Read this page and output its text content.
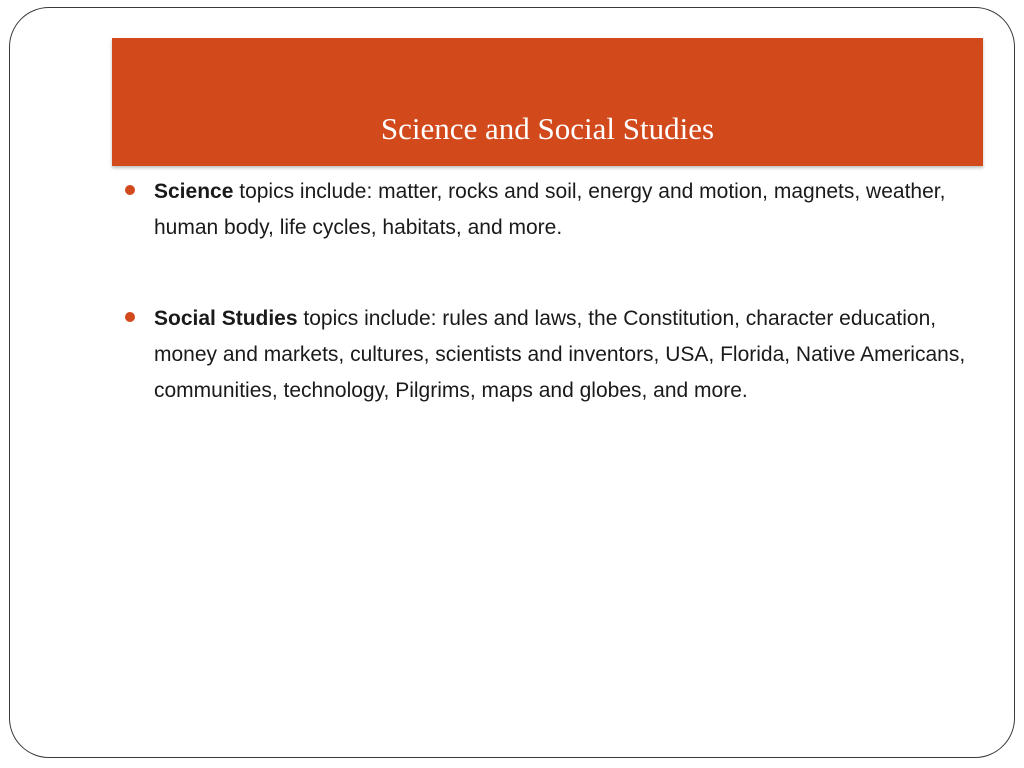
Science and Social Studies
Science topics include: matter, rocks and soil, energy and motion, magnets, weather, human body, life cycles, habitats, and more.
Social Studies topics include: rules and laws, the Constitution, character education, money and markets, cultures, scientists and inventors, USA, Florida, Native Americans, communities, technology, Pilgrims, maps and globes, and more.
